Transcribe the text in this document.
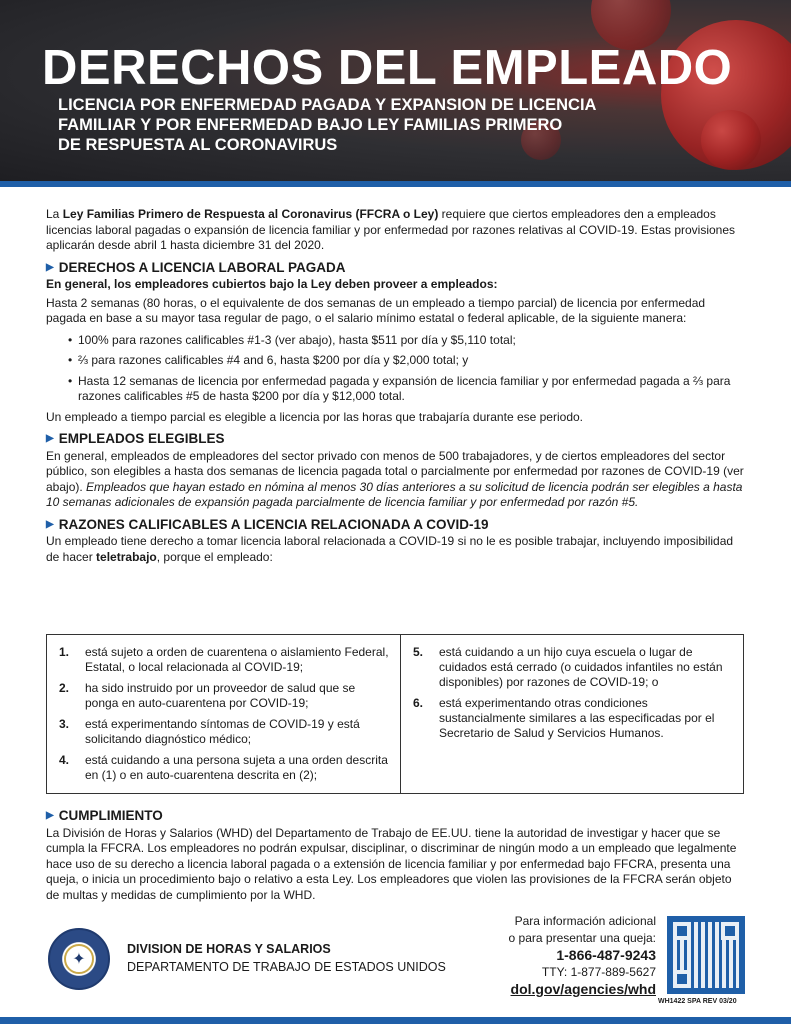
DERECHOS DEL EMPLEADO
LICENCIA POR ENFERMEDAD PAGADA Y EXPANSION DE LICENCIA
FAMILIAR Y POR ENFERMEDAD BAJO LEY FAMILIAS PRIMERO
DE RESPUESTA AL CORONAVIRUS

La Ley Familias Primero de Respuesta al Coronavirus (FFCRA o Ley) requiere que ciertos empleadores den a empleados licencias laboral pagadas o expansión de licencia familiar y por enfermedad por razones relativas al COVID-19. Estas provisiones aplicarán desde abril 1 hasta diciembre 31 del 2020.

▶ DERECHOS A LICENCIA LABORAL PAGADA

En general, los empleadores cubiertos bajo la Ley deben proveer a empleados:

Hasta 2 semanas (80 horas, o el equivalente de dos semanas de un empleado a tiempo parcial) de licencia por enfermedad pagada en base a su mayor tasa regular de pago, o el salario mínimo estatal o federal aplicable, de la siguiente manera:

• 100% para razones calificables #1-3 (ver abajo), hasta $511 por día y $5,110 total;
• ⅔ para razones calificables #4 and 6, hasta $200 por día y $2,000 total; y
• Hasta 12 semanas de licencia por enfermedad pagada y expansión de licencia familiar y por enfermedad pagada a ⅔ para razones calificables #5 de hasta $200 por día y $12,000 total.

Un empleado a tiempo parcial es elegible a licencia por las horas que trabajaría durante ese periodo.

▶ EMPLEADOS ELEGIBLES

En general, empleados de empleadores del sector privado con menos de 500 trabajadores, y de ciertos empleadores del sector público, son elegibles a hasta dos semanas de licencia pagada total o parcialmente por enfermedad por razones de COVID-19 (ver abajo). Empleados que hayan estado en nómina al menos 30 días anteriores a su solicitud de licencia podrán ser elegibles a hasta 10 semanas adicionales de expansión pagada parcialmente de licencia familiar y por enfermedad por razón #5.

▶ RAZONES CALIFICABLES A LICENCIA RELACIONADA A COVID-19

Un empleado tiene derecho a tomar licencia laboral relacionada a COVID-19 si no le es posible trabajar, incluyendo imposibilidad de hacer teletrabajo, porque el empleado:

1.	está sujeto a orden de cuarentena o aislamiento Federal, Estatal, o local relacionada al COVID-19;
2.	ha sido instruido por un proveedor de salud que se ponga en auto-cuarentena por COVID-19;
3.	está experimentando síntomas de COVID-19 y está solicitando diagnóstico médico;
4.	está cuidando a una persona sujeta a una orden descrita en (1) o en auto-cuarentena descrita en (2);
5.	está cuidando a un hijo cuya escuela o lugar de cuidados está cerrado (o cuidados infantiles no están disponibles) por razones de COVID-19; o
6.	está experimentando otras condiciones sustancialmente similares a las especificadas por el Secretario de Salud y Servicios Humanos.
▶ CUMPLIMIENTO

La División de Horas y Salarios (WHD) del Departamento de Trabajo de EE.UU. tiene la autoridad de investigar y hacer que se cumpla la FFCRA. Los empleadores no podrán expulsar, disciplinar, o discriminar de ningún modo a un empleado que legalmente hace uso de su derecho a licencia laboral pagada o a extensión de licencia familiar y por enfermedad bajo FFCRA, presenta una queja, o inicia un procedimiento bajo o relativo a esta Ley. Los empleadores que violen las provisiones de la FFCRA serán objeto de multas y medidas de cumplimiento por la WHD.

✦
DIVISION DE HORAS Y SALARIOS
DEPARTAMENTO DE TRABAJO DE ESTADOS UNIDOS
Para información adicional
o para presentar una queja:
1-866-487-9243
TTY: 1-877-889-5627
dol.gov/agencies/whd
WH1422 SPA REV 03/20
